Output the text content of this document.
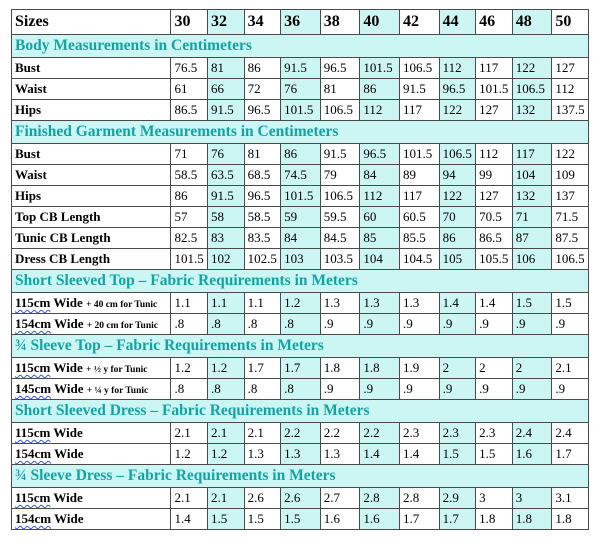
Sizes	30	32	34	36	38	40	42	44	46	48	50
Body Measurements in Centimeters											
Bust	76.5	81	86	91.5	96.5	101.5	106.5	112	117	122	127
Waist	61	66	72	76	81	86	91.5	96.5	101.5	106.5	112
Hips	86.5	91.5	96.5	101.5	106.5	112	117	122	127	132	137.5
Finished Garment Measurements in Centimeters											
Bust	71	76	81	86	91.5	96.5	101.5	106.5	112	117	122
Waist	58.5	63.5	68.5	74.5	79	84	89	94	99	104	109
Hips	86	91.5	96.5	101.5	106.5	112	117	122	127	132	137
Top CB Length	57	58	58.5	59	59.5	60	60.5	70	70.5	71	71.5
Tunic CB Length	82.5	83	83.5	84	84.5	85	85.5	86	86.5	87	87.5
Dress CB Length	101.5	102	102.5	103	103.5	104	104.5	105	105.5	106	106.5
Short Sleeved Top – Fabric Requirements in Meters											
115cm Wide + 40 cm for Tunic	1.1	1.1	1.1	1.2	1.3	1.3	1.3	1.4	1.4	1.5	1.5
154cm Wide + 20 cm for Tunic	.8	.8	.8	.8	.9	.9	.9	.9	.9	.9	.9
¾ Sleeve Top – Fabric Requirements in Meters											
115cm Wide + ½ y for Tunic	1.2	1.2	1.7	1.7	1.8	1.8	1.9	2	2	2	2.1
145cm Wide + ¼ y for Tunic	.8	.8	.8	.8	.9	.9	.9	.9	.9	.9	.9
Short Sleeved Dress – Fabric Requirements in Meters											
115cm Wide	2.1	2.1	2.1	2.2	2.2	2.2	2.3	2.3	2.3	2.4	2.4
154cm Wide	1.2	1.2	1.3	1.3	1.3	1.4	1.4	1.5	1.5	1.6	1.7
¾ Sleeve Dress – Fabric Requirements in Meters											
115cm Wide	2.1	2.1	2.6	2.6	2.7	2.8	2.8	2.9	3	3	3.1
154cm Wide	1.4	1.5	1.5	1.5	1.6	1.6	1.7	1.7	1.8	1.8	1.8
